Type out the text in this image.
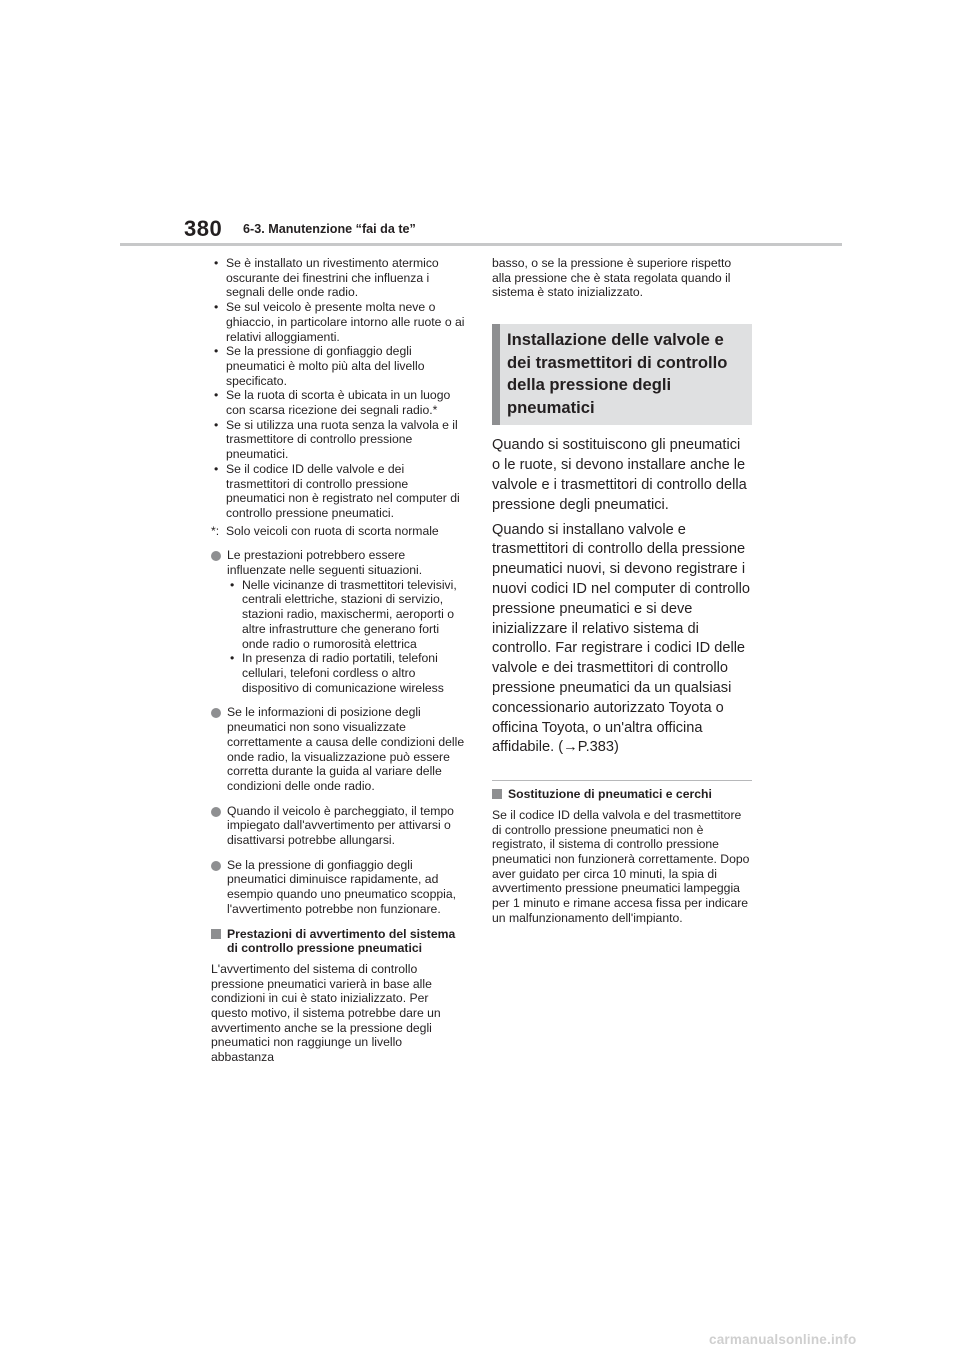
380 6-3. Manutenzione “fai da te”
• Se è installato un rivestimento atermico oscurante dei finestrini che influenza i segnali delle onde radio.
• Se sul veicolo è presente molta neve o ghiaccio, in particolare intorno alle ruote o ai relativi alloggiamenti.
• Se la pressione di gonfiaggio degli pneumatici è molto più alta del livello specificato.
• Se la ruota di scorta è ubicata in un luogo con scarsa ricezione dei segnali radio.*
• Se si utilizza una ruota senza la valvola e il trasmettitore di controllo pressione pneumatici.
• Se il codice ID delle valvole e dei trasmettitori di controllo pressione pneumatici non è registrato nel computer di controllo pressione pneumatici.
*: Solo veicoli con ruota di scorta normale
Le prestazioni potrebbero essere influenzate nelle seguenti situazioni.
• Nelle vicinanze di trasmettitori televisivi, centrali elettriche, stazioni di servizio, stazioni radio, maxischermi, aeroporti o altre infrastrutture che generano forti onde radio o rumorosità elettrica
• In presenza di radio portatili, telefoni cellulari, telefoni cordless o altro dispositivo di comunicazione wireless
Se le informazioni di posizione degli pneumatici non sono visualizzate correttamente a causa delle condizioni delle onde radio, la visualizzazione può essere corretta durante la guida al variare delle condizioni delle onde radio.
Quando il veicolo è parcheggiato, il tempo impiegato dall'avvertimento per attivarsi o disattivarsi potrebbe allungarsi.
Se la pressione di gonfiaggio degli pneumatici diminuisce rapidamente, ad esempio quando uno pneumatico scoppia, l'avvertimento potrebbe non funzionare.
Prestazioni di avvertimento del sistema di controllo pressione pneumatici
L'avvertimento del sistema di controllo pressione pneumatici varierà in base alle condizioni in cui è stato inizializzato. Per questo motivo, il sistema potrebbe dare un avvertimento anche se la pressione degli pneumatici non raggiunge un livello abbastanza
basso, o se la pressione è superiore rispetto alla pressione che è stata regolata quando il sistema è stato inizializzato.
Installazione delle valvole e dei trasmettitori di controllo della pressione degli pneumatici
Quando si sostituiscono gli pneumatici o le ruote, si devono installare anche le valvole e i trasmettitori di controllo della pressione degli pneumatici.
Quando si installano valvole e trasmettitori di controllo della pressione pneumatici nuovi, si devono registrare i nuovi codici ID nel computer di controllo pressione pneumatici e si deve inizializzare il relativo sistema di controllo. Far registrare i codici ID delle valvole e dei trasmettitori di controllo pressione pneumatici da un qualsiasi concessionario autorizzato Toyota o officina Toyota, o un'altra officina affidabile. (→P.383)
Sostituzione di pneumatici e cerchi
Se il codice ID della valvola e del trasmettitore di controllo pressione pneumatici non è registrato, il sistema di controllo pressione pneumatici non funzionerà correttamente. Dopo aver guidato per circa 10 minuti, la spia di avvertimento pressione pneumatici lampeggia per 1 minuto e rimane accesa fissa per indicare un malfunzionamento dell'impianto.
carmanualsonline.info
